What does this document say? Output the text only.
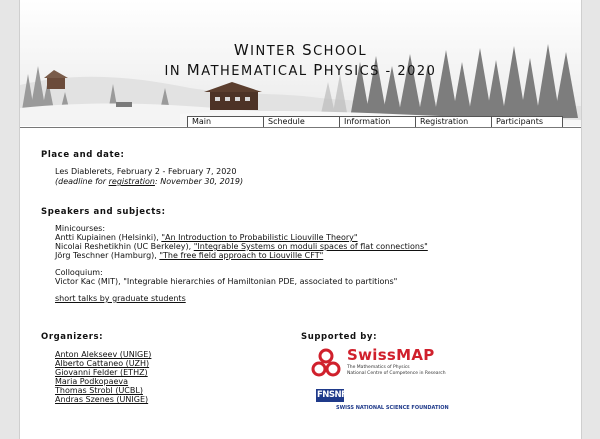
WINTER SCHOOL
IN MATHEMATICAL PHYSICS - 2020
Main	Schedule	Information	Registration	Participants
Place and date:
Les Diablerets, February 2 - February 7, 2020
(deadline for registration: November 30, 2019)
Speakers and subjects:
Minicourses:
Antti Kupiainen (Helsinki), "An Introduction to Probabilistic Liouville Theory"
Nicolai Reshetikhin (UC Berkeley), "Integrable Systems on moduli spaces of flat connections"
Jörg Teschner (Hamburg), "The free field approach to Liouville CFT"
Colloquium:
Victor Kac (MIT), "Integrable hierarchies of Hamiltonian PDE, associated to partitions"
short talks by graduate students
Organizers:
Anton Alekseev (UNIGE)
Alberto Cattaneo (UZH)
Giovanni Felder (ETHZ)
Maria Podkopaeva
Thomas Strobl (UCBL)
Andras Szenes (UNIGE)
Supported by:
SwissMAP
The Mathematics of Physics
National Centre of Competence in Research
FNSNF
SWISS NATIONAL SCIENCE FOUNDATION
